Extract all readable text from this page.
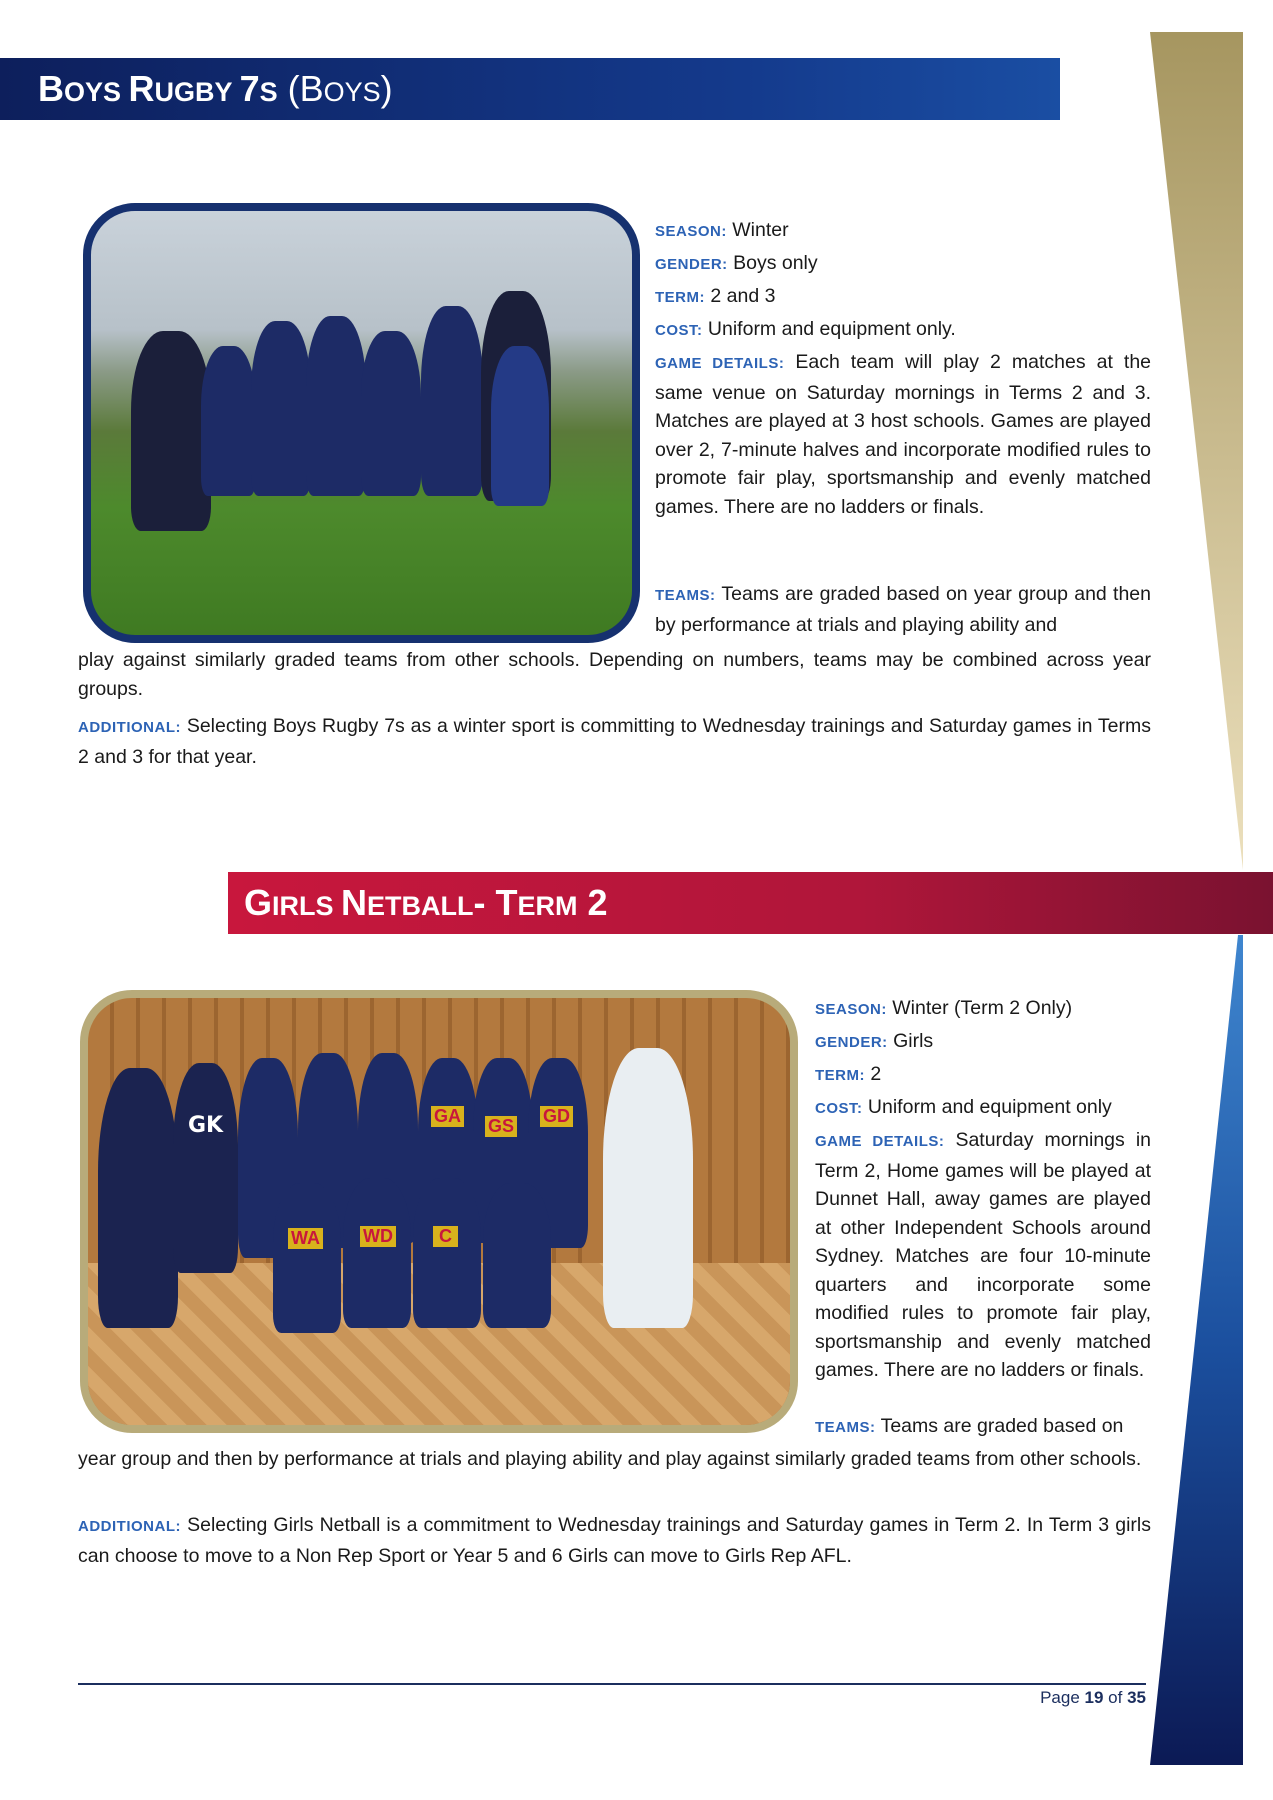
BOYS RUGBY 7S (BOYS)
SEASON: Winter
GENDER: Boys only
TERM: 2 and 3
COST: Uniform and equipment only.
GAME DETAILS: Each team will play 2 matches at the same venue on Saturday mornings in Terms 2 and 3. Matches are played at 3 host schools. Games are played over 2, 7-minute halves and incorporate modified rules to promote fair play, sportsmanship and evenly matched games. There are no ladders or finals.
TEAMS: Teams are graded based on year group and then by performance at trials and playing ability and
play against similarly graded teams from other schools. Depending on numbers, teams may be combined across year groups.
ADDITIONAL: Selecting Boys Rugby 7s as a winter sport is committing to Wednesday trainings and Saturday games in Terms 2 and 3 for that year.
GIRLS NETBALL- TERM 2
GK	GA GS GD
WA WD	C
SEASON: Winter (Term 2 Only)
GENDER: Girls
TERM: 2
COST: Uniform and equipment only
GAME DETAILS: Saturday mornings in Term 2, Home games will be played at Dunnet Hall, away games are played at other Independent Schools around Sydney. Matches are four 10-minute quarters and incorporate some modified rules to promote fair play, sportsmanship and evenly matched games. There are no ladders or finals.
TEAMS: Teams are graded based on
year group and then by performance at trials and playing ability and play against similarly graded teams from other schools.
ADDITIONAL: Selecting Girls Netball is a commitment to Wednesday trainings and Saturday games in Term 2. In Term 3 girls can choose to move to a Non Rep Sport or Year 5 and 6 Girls can move to Girls Rep AFL.
Page 19 of 35
